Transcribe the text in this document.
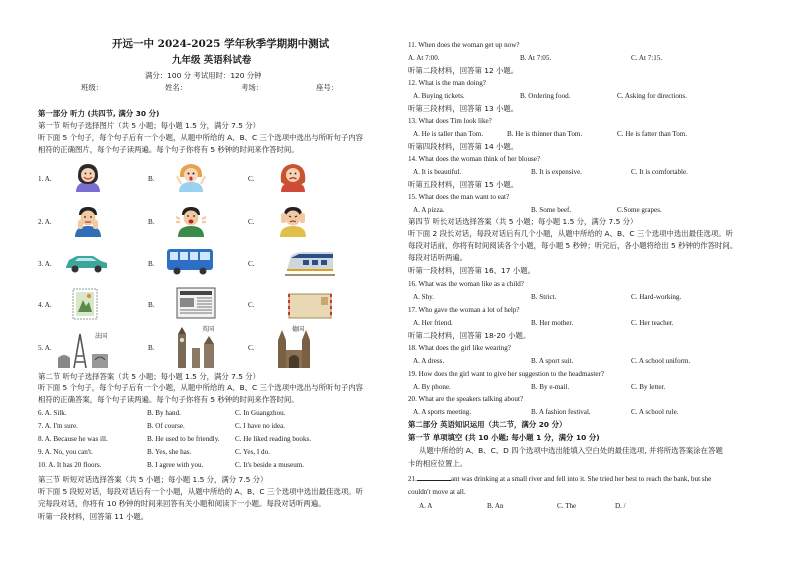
开远一中 2024-2025 学年秋季学期期中测试
九年级 英语科试卷
满分：100 分 考试用时：120 分钟
班级：	姓名：	考场：	座号：
第一部分 听力 (共四节, 满分 30 分)
第一节 听句子选择图片（共 5 小题；每小题 1.5 分，满分 7.5 分）
听下面 5 个句子，每个句子后有一个小题，从题中所给的 A、B、C 三个选项中选出与所听句子内容
相符的正确图片，每个句子读两遍。每个句子你将有 5 秒钟的时间来作答时间。
1. A.	B.	C.
2. A.	B.	C.
3. A.	B.	C.
4. A.	B.	C.
5. A.	B.	C.
法国
英国	德国
第二节 听句子选择答案（共 5 小题；每小题 1.5 分，满分 7.5 分）
听下面 5 个句子，每个句子后有一个小题，从题中所给的 A、B、C 三个选项中选出与所听句子内容
相符的正确答案，每个句子读两遍。每个句子你将有 5 秒钟的时间来作答时间。
6. A. Silk.	B. By hand.	C. In Guangzhou.
7. A. I'm sure.	B. Of course.	C. I have no idea.
8. A. Because he was ill.	B. He used to be friendly. C. He liked reading books.
9. A. No, you can't.	B. Yes, she has.	C. Yes, I do.
10. A. It has 20 floors.	B. I agree with you.	C. It's beside a museum.
第三节 听短对话选择答案（共 5 小题；每小题 1.5 分，满分 7.5 分）
听下面 5 段短对话，每段对话后有一个小题，从题中所给的 A、B、C 三个选项中选出最佳选项。听
完每段对话，你将有 10 秒钟的时间来回答有关小题和阅读下一小题。每段对话听两遍。
听第一段材料，回答第 11 小题。
11. When does the woman get up now?
A. At 7:00.	B. At 7:05.	C. At 7:15.
听第二段材料，回答第 12 小题。
12. What is the man doing?
A. Buying tickets.	B. Ordering food.	C. Asking for directions.
听第三段材料，回答第 13 小题。
13. What does Tim look like?
A. He is taller than Tom.	B. He is thinner than Tom.	C. He is fatter than Tom.
听第四段材料，回答第 14 小题。
14. What does the woman think of her blouse?
A. It is beautiful.	B. It is expensive.	C. It is comfortable.
听第五段材料，回答第 15 小题。
15. What does the man want to eat?
A. A pizza.	B. Some beef.	C.Some grapes.
第四节 听长对话选择答案（共 5 小题；每小题 1.5 分，满分 7.5 分）
听下面 2 段长对话，每段对话后有几个小题，从题中所给的 A、B、C 三个选项中选出最佳选项。听
每段对话前，你将有时间阅读各个小题，每小题 5 秒钟；听完后，各小题将给出 5 秒钟的作答时间。
每段对话听两遍。
听第一段材料，回答第 16、17 小题。
16. What was the woman like as a child?
A. Shy.	B. Strict.	C. Hard-working.
17. Who gave the woman a lot of help?
A. Her friend.	B. Her mother.	C. Her teacher.
听第二段材料，回答第 18-20 小题。
18. What does the girl like wearing?
A. A dress.	B. A sport suit.	C. A school uniform.
19. How does the girl want to give her suggestion to the headmaster?
A. By phone.	B. By e-mail.	C. By letter.
20. What are the speakers talking about?
A. A sports meeting.	B. A fashion festival.	C. A school rule.
第二部分 英语知识运用（共二节，满分 20 分）
第一节 单项填空 (共 10 小题; 每小题 1 分，满分 10 分)
从题中所给的 A、B、C、D 四个选项中选出能填入空白处的最佳选项, 并将所选答案涂在答题
卡的相应位置上。
21.	ant was drinking at a small river and fell into it. She tried her best to reach the bank, but she
couldn't move at all.
A. A	B. An	C. The	D. /
